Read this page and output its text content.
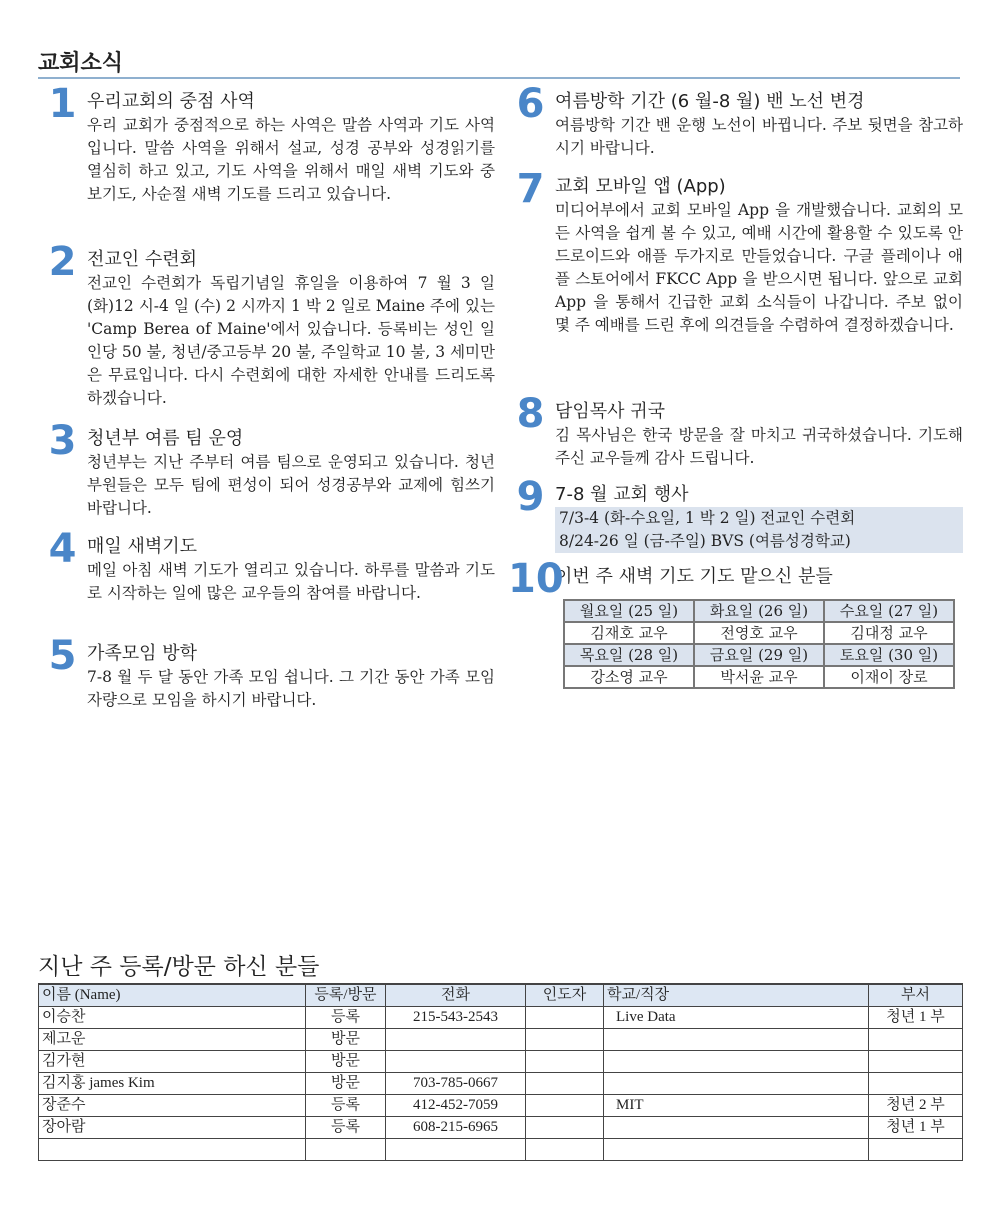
교회소식
1 우리교회의 중점 사역
우리 교회가 중점적으로 하는 사역은 말씀 사역과 기도 사역입니다. 말씀 사역을 위해서 설교, 성경 공부와 성경읽기를 열심히 하고 있고, 기도 사역을 위해서 매일 새벽 기도와 중보기도, 사순절 새벽 기도를 드리고 있습니다.
2 전교인 수련회
전교인 수련회가 독립기념일 휴일을 이용하여 7 월 3 일 (화)12 시-4 일 (수) 2 시까지 1 박 2 일로 Maine 주에 있는 'Camp Berea of Maine'에서 있습니다. 등록비는 성인 일인당 50 불, 청년/중고등부 20 불, 주일학교 10 불, 3 세미만은 무료입니다. 다시 수련회에 대한 자세한 안내를 드리도록 하겠습니다.
3 청년부 여름 팀 운영
청년부는 지난 주부터 여름 팀으로 운영되고 있습니다. 청년부원들은 모두 팀에 편성이 되어 성경공부와 교제에 힘쓰기 바랍니다.
4 매일 새벽기도
메일 아침 새벽 기도가 열리고 있습니다. 하루를 말씀과 기도로 시작하는 일에 많은 교우들의 참여를 바랍니다.
5 가족모임 방학
7-8 월 두 달 동안 가족 모임 쉽니다. 그 기간 동안 가족 모임 자량으로 모임을 하시기 바랍니다.
6 여름방학 기간 (6 월-8 월) 밴 노선 변경
여름방학 기간 밴 운행 노선이 바뀝니다. 주보 뒷면을 참고하시기 바랍니다.
7 교회 모바일 앱 (App)
미디어부에서 교회 모바일 App 을 개발했습니다. 교회의 모든 사역을 쉽게 볼 수 있고, 예배 시간에 활용할 수 있도록 안드로이드와 애플 두가지로 만들었습니다. 구글 플레이나 애플 스토어에서 FKCC App 을 받으시면 됩니다. 앞으로 교회 App 을 통해서 긴급한 교회 소식들이 나갑니다. 주보 없이 몇 주 예배를 드린 후에 의견들을 수렴하여 결정하겠습니다.
8 담임목사 귀국
김 목사님은 한국 방문을 잘 마치고 귀국하셨습니다. 기도해 주신 교우들께 감사 드립니다.
9 7-8 월 교회 행사
7/3-4 (화-수요일, 1 박 2 일) 전교인 수련회
8/24-26 일 (금-주일) BVS (여름성경학교)
10
이번 주 새벽 기도 기도 맡으신 분들
월요일 (25 일)	화요일 (26 일)	수요일 (27 일)
김재호 교우	전영호 교우	김대정 교우
목요일 (28 일)	금요일 (29 일)	토요일 (30 일)
강소영 교우	박서윤 교우	이재이 장로
지난 주 등록/방문 하신 분들
이름 (Name)	등록/방문	전화	인도자	학교/직장	부서
이승찬	등록	215-543-2543		Live Data	청년 1 부
제고운	방문				
김가현	방문				
김지홍 james Kim	방문	703-785-0667			
장준수	등록	412-452-7059		MIT	청년 2 부
장아람	등록	608-215-6965			청년 1 부
